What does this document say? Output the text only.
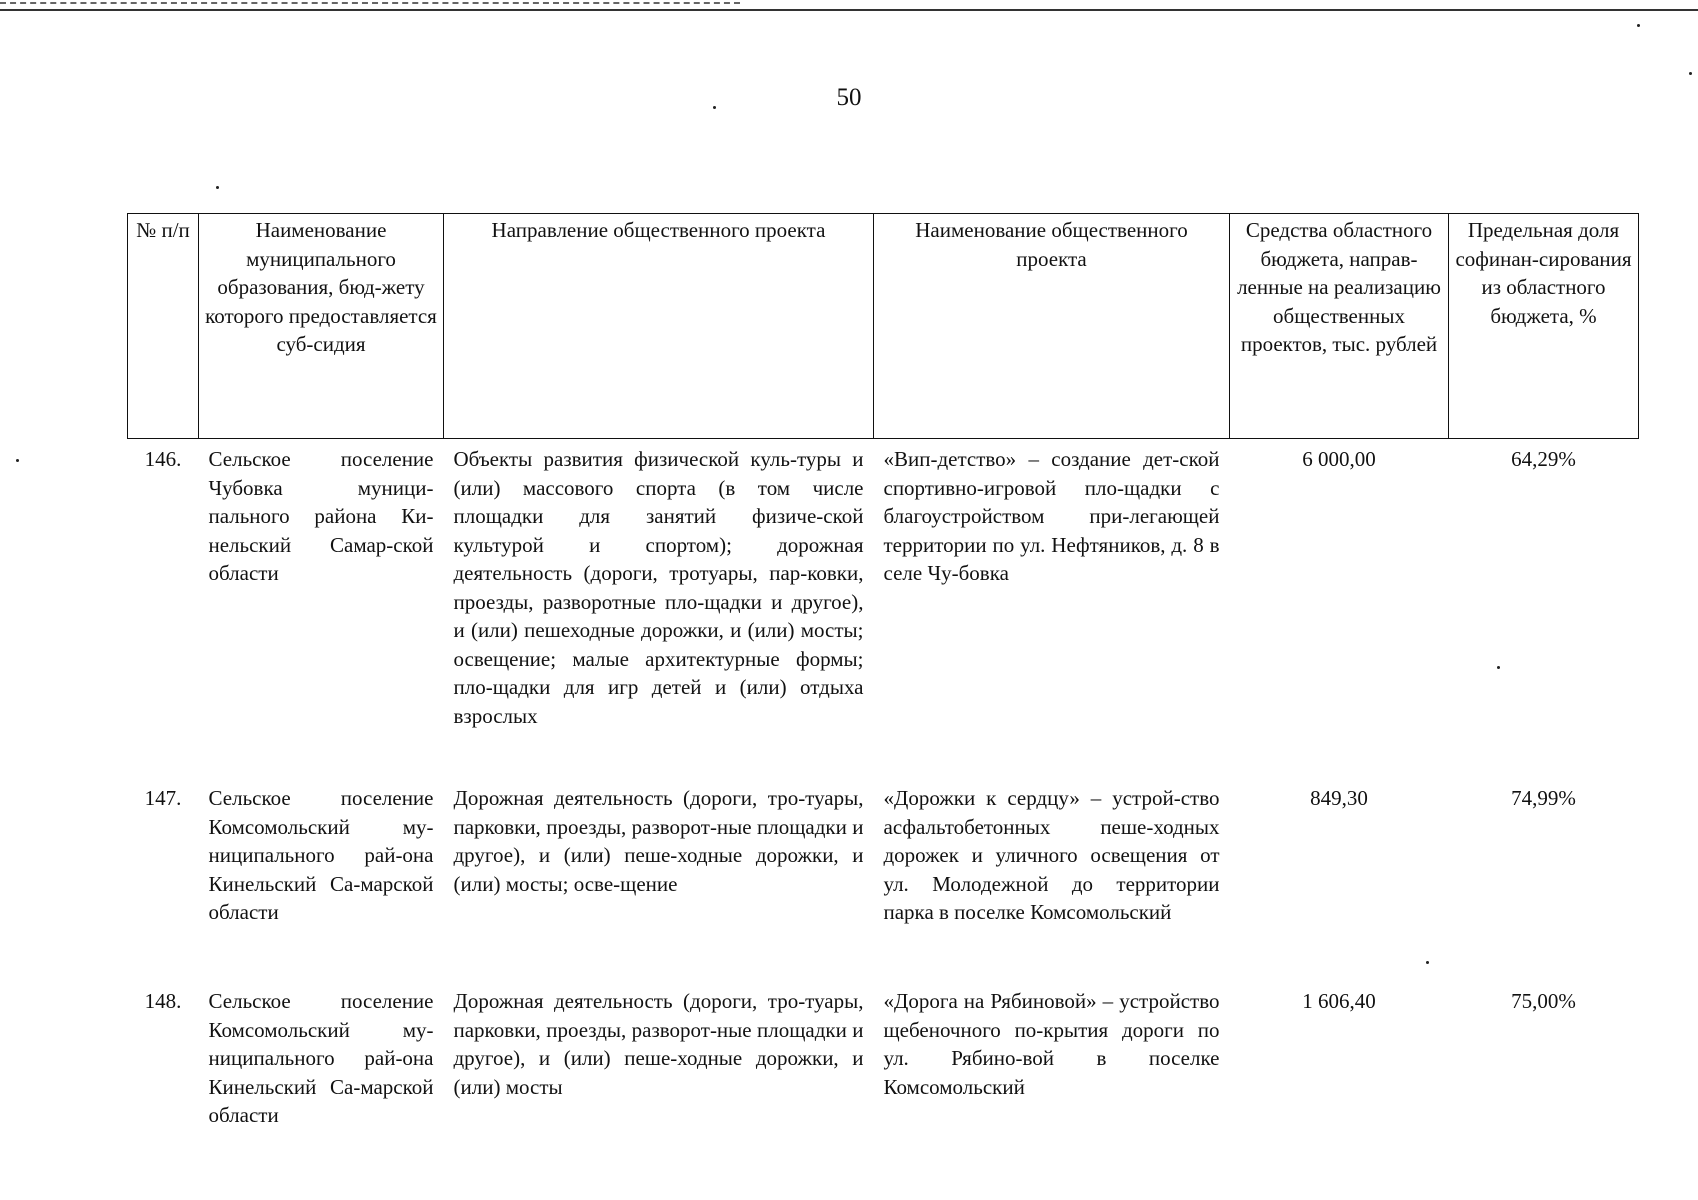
50
№ п/п	Наименование муниципального образования, бюд-жету которого предоставляется суб-сидия	Направление общественного проекта	Наименование общественного проекта	Средства областного бюджета, направ-ленные на реализацию общественных проектов, тыс. рублей	Предельная доля софинан-сирования из областного бюджета, %
146.	Сельское поселение Чубовка муници-пального района Ки-нельский Самар-ской области	Объекты развития физической куль-туры и (или) массового спорта (в том числе площадки для занятий физиче-ской культурой и спортом); дорожная деятельность (дороги, тротуары, пар-ковки, проезды, разворотные пло-щадки и другое), и (или) пешеходные дорожки, и (или) мосты; освещение; малые архитектурные формы; пло-щадки для игр детей и (или) отдыха взрослых	«Вип-детство» – создание дет-ской спортивно-игровой пло-щадки с благоустройством при-легающей территории по ул. Нефтяников, д. 8 в селе Чу-бовка	6 000,00	64,29%
147.	Сельское поселение Комсомольский му-ниципального рай-она Кинельский Са-марской области	Дорожная деятельность (дороги, тро-туары, парковки, проезды, разворот-ные площадки и другое), и (или) пеше-ходные дорожки, и (или) мосты; осве-щение	«Дорожки к сердцу» – устрой-ство асфальтобетонных пеше-ходных дорожек и уличного освещения от ул. Молодежной до территории парка в поселке Комсомольский	849,30	74,99%
148.	Сельское поселение Комсомольский му-ниципального рай-она Кинельский Са-марской области	Дорожная деятельность (дороги, тро-туары, парковки, проезды, разворот-ные площадки и другое), и (или) пеше-ходные дорожки, и (или) мосты	«Дорога на Рябиновой» – устройство щебеночного по-крытия дороги по ул. Рябино-вой в поселке Комсомольский	1 606,40	75,00%
